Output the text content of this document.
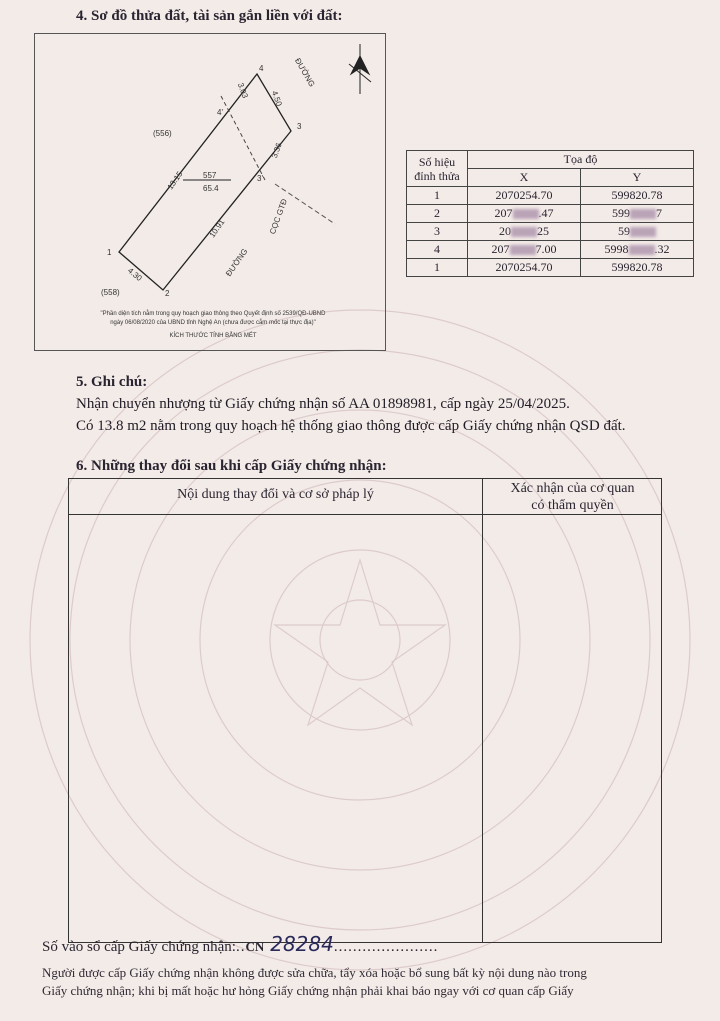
4. Sơ đồ thửa đất, tài sản gắn liền với đất:
(556)
(558)
557
65.4
ĐƯỜNG
ĐƯỜNG
CỌC GTĐ
13.15
4.30
10.91
3.36
4.50
3.03
1
2
3
4
3'
4'
"Phần diện tích nằm trong quy hoạch giao thông theo Quyết định số 2539/QĐ-UBND
ngày 06/08/2020 của UBND tỉnh Nghệ An (chưa được cắm mốc tại thực địa)"
KÍCH THƯỚC TÍNH BẰNG MÉT
Số hiệu đỉnh thửa	Tọa độ	
	X	Y
1	2070254.70	599820.78
2	207 .47	599 7
3	20 25	59
4	207 7.00	5998 .32
1	2070254.70	599820.78
5. Ghi chú:
Nhận chuyển nhượng từ Giấy chứng nhận số AA 01898981, cấp ngày 25/04/2025.
Có 13.8 m2 nằm trong quy hoạch hệ thống giao thông được cấp Giấy chứng nhận QSD đất.
6. Những thay đổi sau khi cấp Giấy chứng nhận:
Nội dung thay đổi và cơ sở pháp lý	Xác nhận của cơ quan
có thẩm quyền
Số vào sổ cấp Giấy chứng nhận:..CN 28284......................
Người được cấp Giấy chứng nhận không được sửa chữa, tẩy xóa hoặc bổ sung bất kỳ nội dung nào trong
Giấy chứng nhận; khi bị mất hoặc hư hỏng Giấy chứng nhận phải khai báo ngay với cơ quan cấp Giấy
